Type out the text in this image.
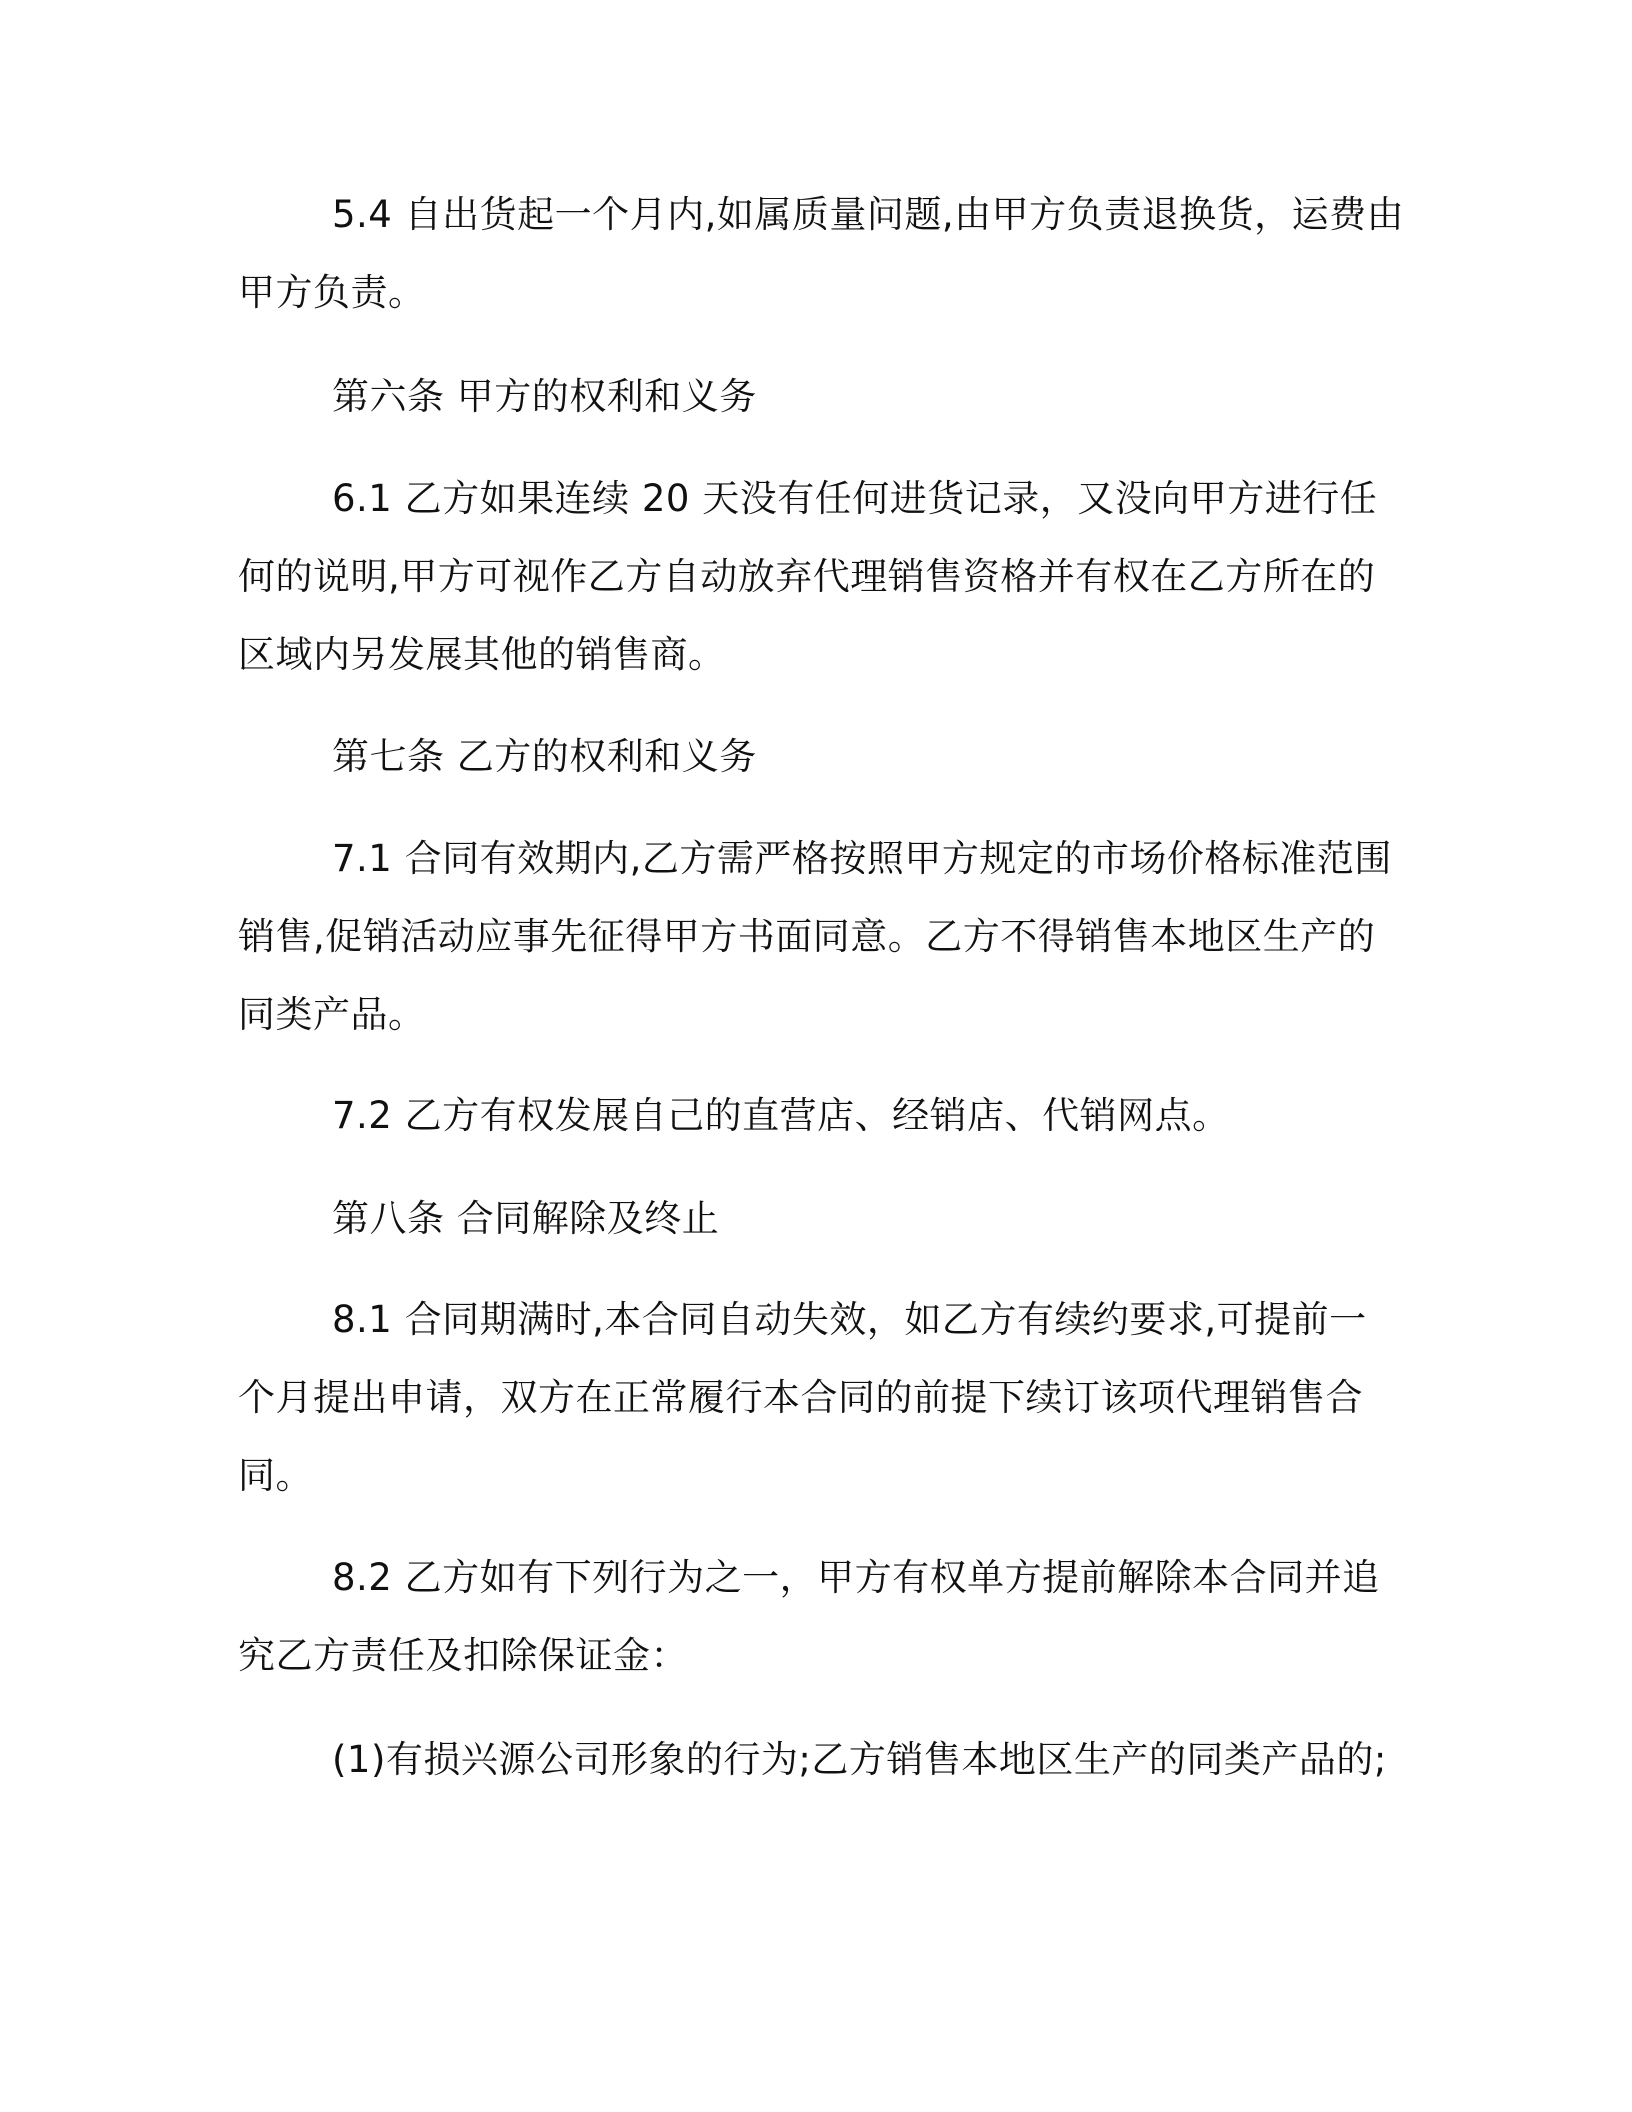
5.4 自出货起一个月内,如属质量问题,由甲方负责退换货，运费由
甲方负责。
第六条 甲方的权利和义务
6.1 乙方如果连续 20 天没有任何进货记录，又没向甲方进行任
何的说明,甲方可视作乙方自动放弃代理销售资格并有权在乙方所在的
区域内另发展其他的销售商。
第七条 乙方的权利和义务
7.1 合同有效期内,乙方需严格按照甲方规定的市场价格标准范围
销售,促销活动应事先征得甲方书面同意。乙方不得销售本地区生产的
同类产品。
7.2 乙方有权发展自己的直营店、经销店、代销网点。
第八条 合同解除及终止
8.1 合同期满时,本合同自动失效，如乙方有续约要求,可提前一
个月提出申请，双方在正常履行本合同的前提下续订该项代理销售合
同。
8.2 乙方如有下列行为之一，甲方有权单方提前解除本合同并追
究乙方责任及扣除保证金：
(1)有损兴源公司形象的行为;乙方销售本地区生产的同类产品的;
